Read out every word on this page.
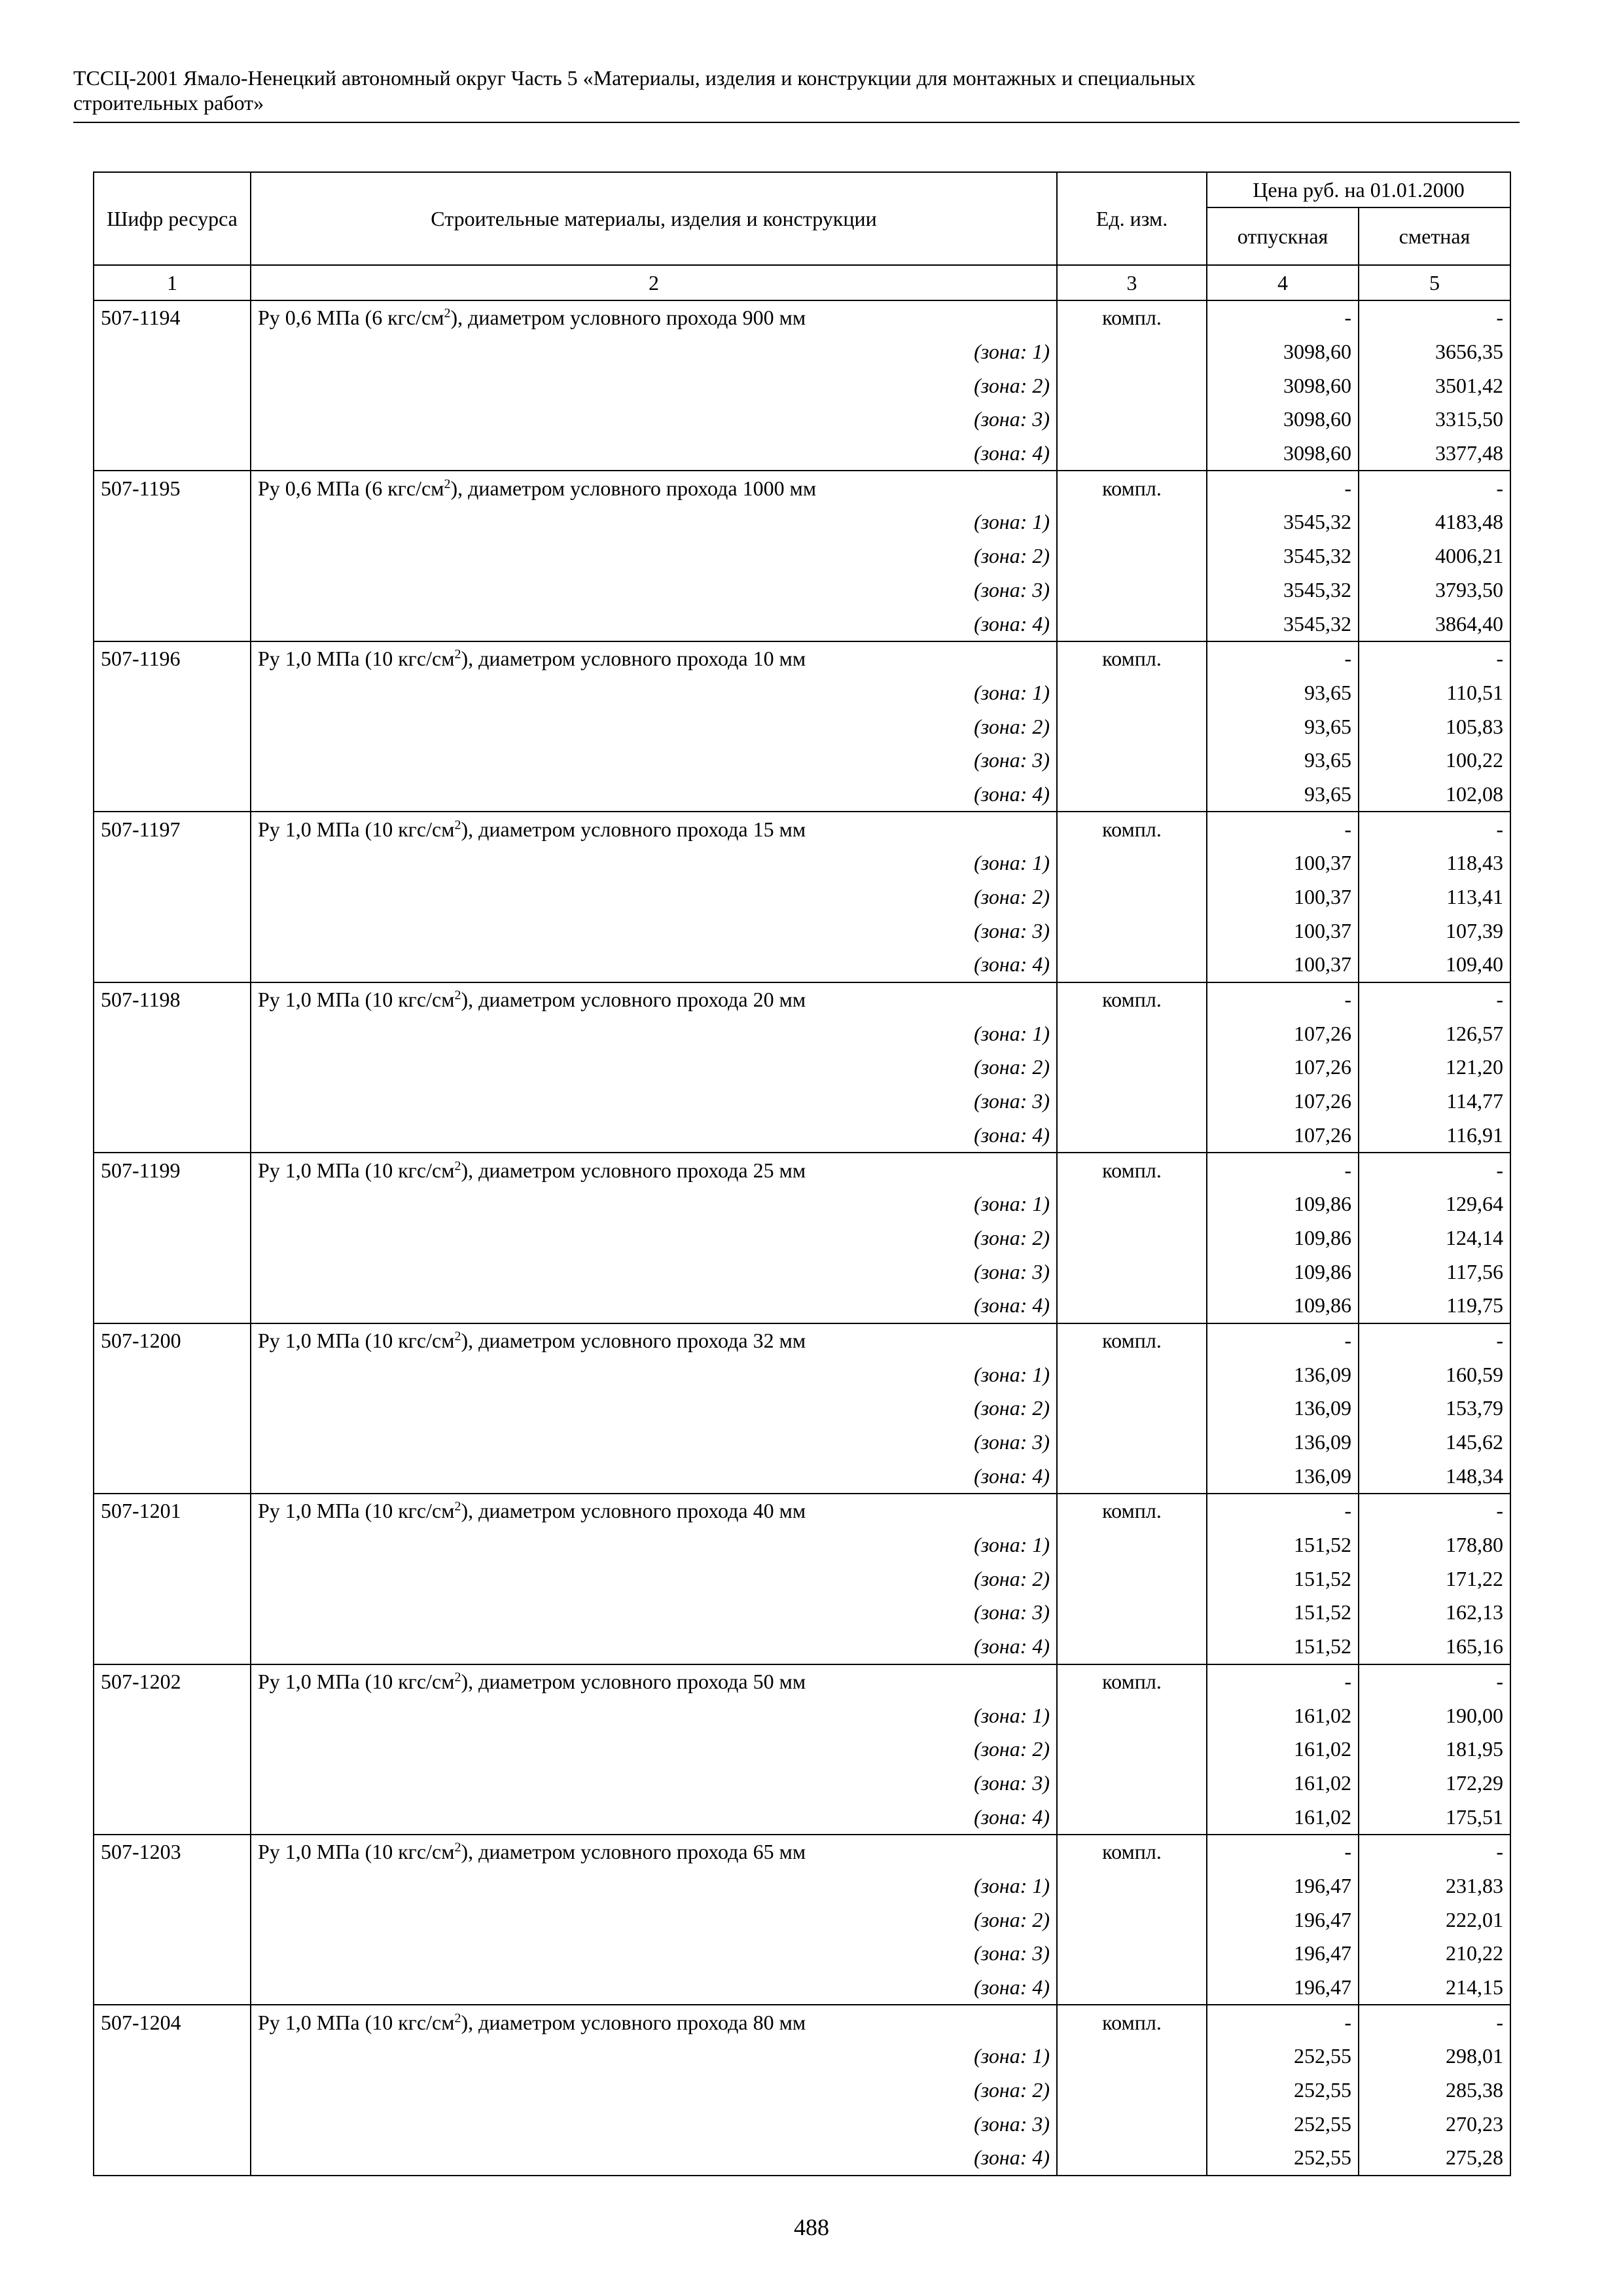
ТССЦ-2001 Ямало-Ненецкий автономный округ Часть 5 «Материалы, изделия и конструкции для монтажных и специальных
строительных работ»
Шифр ресурса	Строительные материалы, изделия и конструкции	Ед. изм.	Цена руб. на 01.01.2000	
			отпускная	сметная
1	2	3	4	5
507-1194	Ру 0,6 МПа (6 кгс/$см^2$), диаметром условного прохода 900 мм	компл.	-	-
	(зона: 1)		3098,60	3656,35
	(зона: 2)		3098,60	3501,42
	(зона: 3)		3098,60	3315,50
	(зона: 4)		3098,60	3377,48
507-1195	Ру 0,6 МПа (6 кгс/$см^2$), диаметром условного прохода 1000 мм	компл.	-	-
	(зона: 1)		3545,32	4183,48
	(зона: 2)		3545,32	4006,21
	(зона: 3)		3545,32	3793,50
	(зона: 4)		3545,32	3864,40
507-1196	Ру 1,0 МПа (10 кгс/$см^2$), диаметром условного прохода 10 мм	компл.	-	-
	(зона: 1)		93,65	110,51
	(зона: 2)		93,65	105,83
	(зона: 3)		93,65	100,22
	(зона: 4)		93,65	102,08
507-1197	Ру 1,0 МПа (10 кгс/$см^2$), диаметром условного прохода 15 мм	компл.	-	-
	(зона: 1)		100,37	118,43
	(зона: 2)		100,37	113,41
	(зона: 3)		100,37	107,39
	(зона: 4)		100,37	109,40
507-1198	Ру 1,0 МПа (10 кгс/$см^2$), диаметром условного прохода 20 мм	компл.	-	-
	(зона: 1)		107,26	126,57
	(зона: 2)		107,26	121,20
	(зона: 3)		107,26	114,77
	(зона: 4)		107,26	116,91
507-1199	Ру 1,0 МПа (10 кгс/$см^2$), диаметром условного прохода 25 мм	компл.	-	-
	(зона: 1)		109,86	129,64
	(зона: 2)		109,86	124,14
	(зона: 3)		109,86	117,56
	(зона: 4)		109,86	119,75
507-1200	Ру 1,0 МПа (10 кгс/$см^2$), диаметром условного прохода 32 мм	компл.	-	-
	(зона: 1)		136,09	160,59
	(зона: 2)		136,09	153,79
	(зона: 3)		136,09	145,62
	(зона: 4)		136,09	148,34
507-1201	Ру 1,0 МПа (10 кгс/$см^2$), диаметром условного прохода 40 мм	компл.	-	-
	(зона: 1)		151,52	178,80
	(зона: 2)		151,52	171,22
	(зона: 3)		151,52	162,13
	(зона: 4)		151,52	165,16
507-1202	Ру 1,0 МПа (10 кгс/$см^2$), диаметром условного прохода 50 мм	компл.	-	-
	(зона: 1)		161,02	190,00
	(зона: 2)		161,02	181,95
	(зона: 3)		161,02	172,29
	(зона: 4)		161,02	175,51
507-1203	Ру 1,0 МПа (10 кгс/$см^2$), диаметром условного прохода 65 мм	компл.	-	-
	(зона: 1)		196,47	231,83
	(зона: 2)		196,47	222,01
	(зона: 3)		196,47	210,22
	(зона: 4)		196,47	214,15
507-1204	Ру 1,0 МПа (10 кгс/$см^2$), диаметром условного прохода 80 мм	компл.	-	-
	(зона: 1)		252,55	298,01
	(зона: 2)		252,55	285,38
	(зона: 3)		252,55	270,23
	(зона: 4)		252,55	275,28
488
